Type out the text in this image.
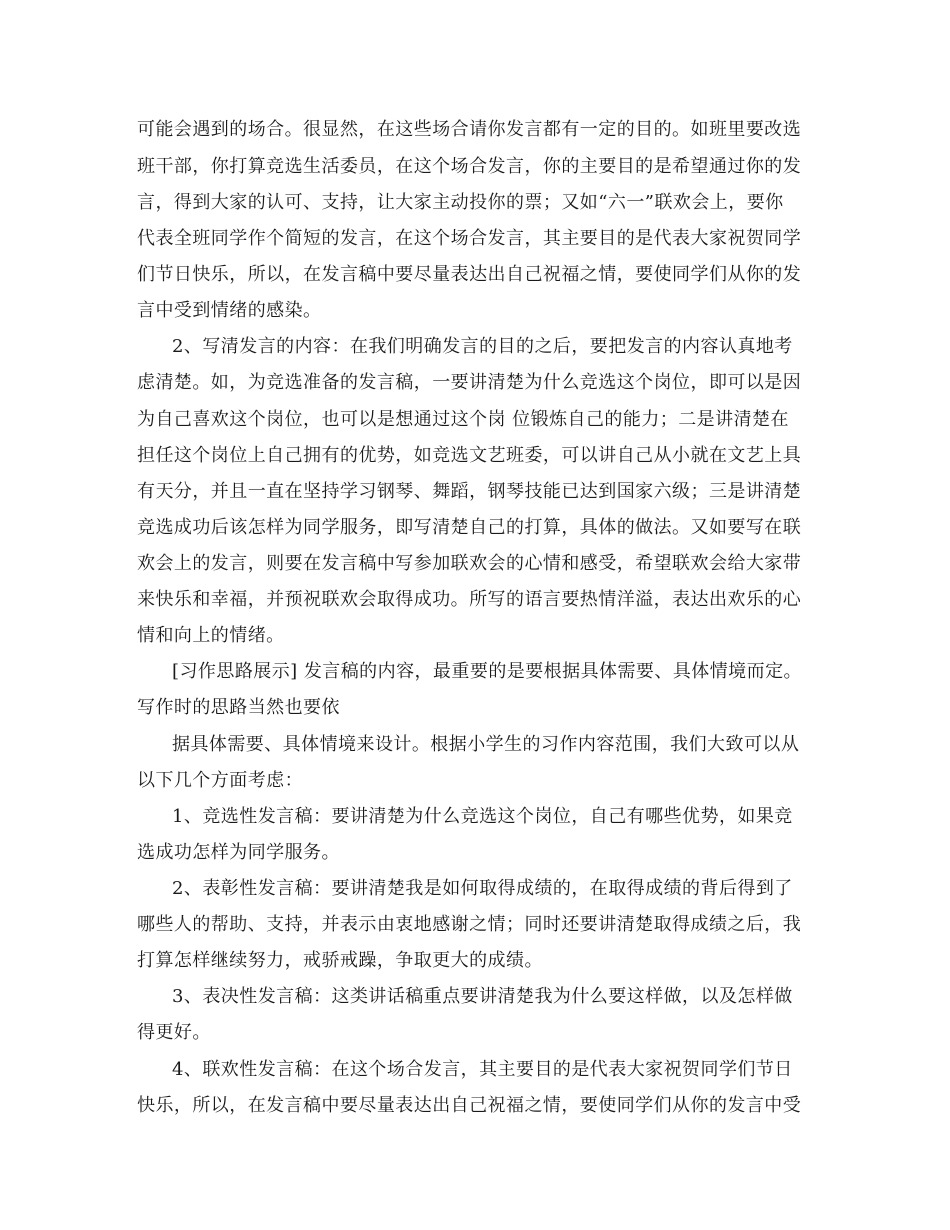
可能会遇到的场合。很显然，在这些场合请你发言都有一定的目的。如班里要改选
班干部，你打算竞选生活委员，在这个场合发言，你的主要目的是希望通过你的发
言，得到大家的认可、支持，让大家主动投你的票；又如“六一”联欢会上，要你
代表全班同学作个简短的发言，在这个场合发言，其主要目的是代表大家祝贺同学
们节日快乐，所以，在发言稿中要尽量表达出自己祝福之情，要使同学们从你的发
言中受到情绪的感染。
2、写清发言的内容：在我们明确发言的目的之后，要把发言的内容认真地考
虑清楚。如，为竞选准备的发言稿，一要讲清楚为什么竞选这个岗位，即可以是因
为自己喜欢这个岗位，也可以是想通过这个岗 位锻炼自己的能力；二是讲清楚在
担任这个岗位上自己拥有的优势，如竞选文艺班委，可以讲自己从小就在文艺上具
有天分，并且一直在坚持学习钢琴、舞蹈，钢琴技能已达到国家六级；三是讲清楚
竞选成功后该怎样为同学服务，即写清楚自己的打算，具体的做法。又如要写在联
欢会上的发言，则要在发言稿中写参加联欢会的心情和感受，希望联欢会给大家带
来快乐和幸福，并预祝联欢会取得成功。所写的语言要热情洋溢，表达出欢乐的心
情和向上的情绪。
[习作思路展示] 发言稿的内容，最重要的是要根据具体需要、具体情境而定。
写作时的思路当然也要依
据具体需要、具体情境来设计。根据小学生的习作内容范围，我们大致可以从
以下几个方面考虑：
1、竞选性发言稿：要讲清楚为什么竞选这个岗位，自己有哪些优势，如果竞
选成功怎样为同学服务。
2、表彰性发言稿：要讲清楚我是如何取得成绩的，在取得成绩的背后得到了
哪些人的帮助、支持，并表示由衷地感谢之情；同时还要讲清楚取得成绩之后，我
打算怎样继续努力，戒骄戒躁，争取更大的成绩。
3、表决性发言稿：这类讲话稿重点要讲清楚我为什么要这样做，以及怎样做
得更好。
4、联欢性发言稿：在这个场合发言，其主要目的是代表大家祝贺同学们节日
快乐，所以，在发言稿中要尽量表达出自己祝福之情，要使同学们从你的发言中受
